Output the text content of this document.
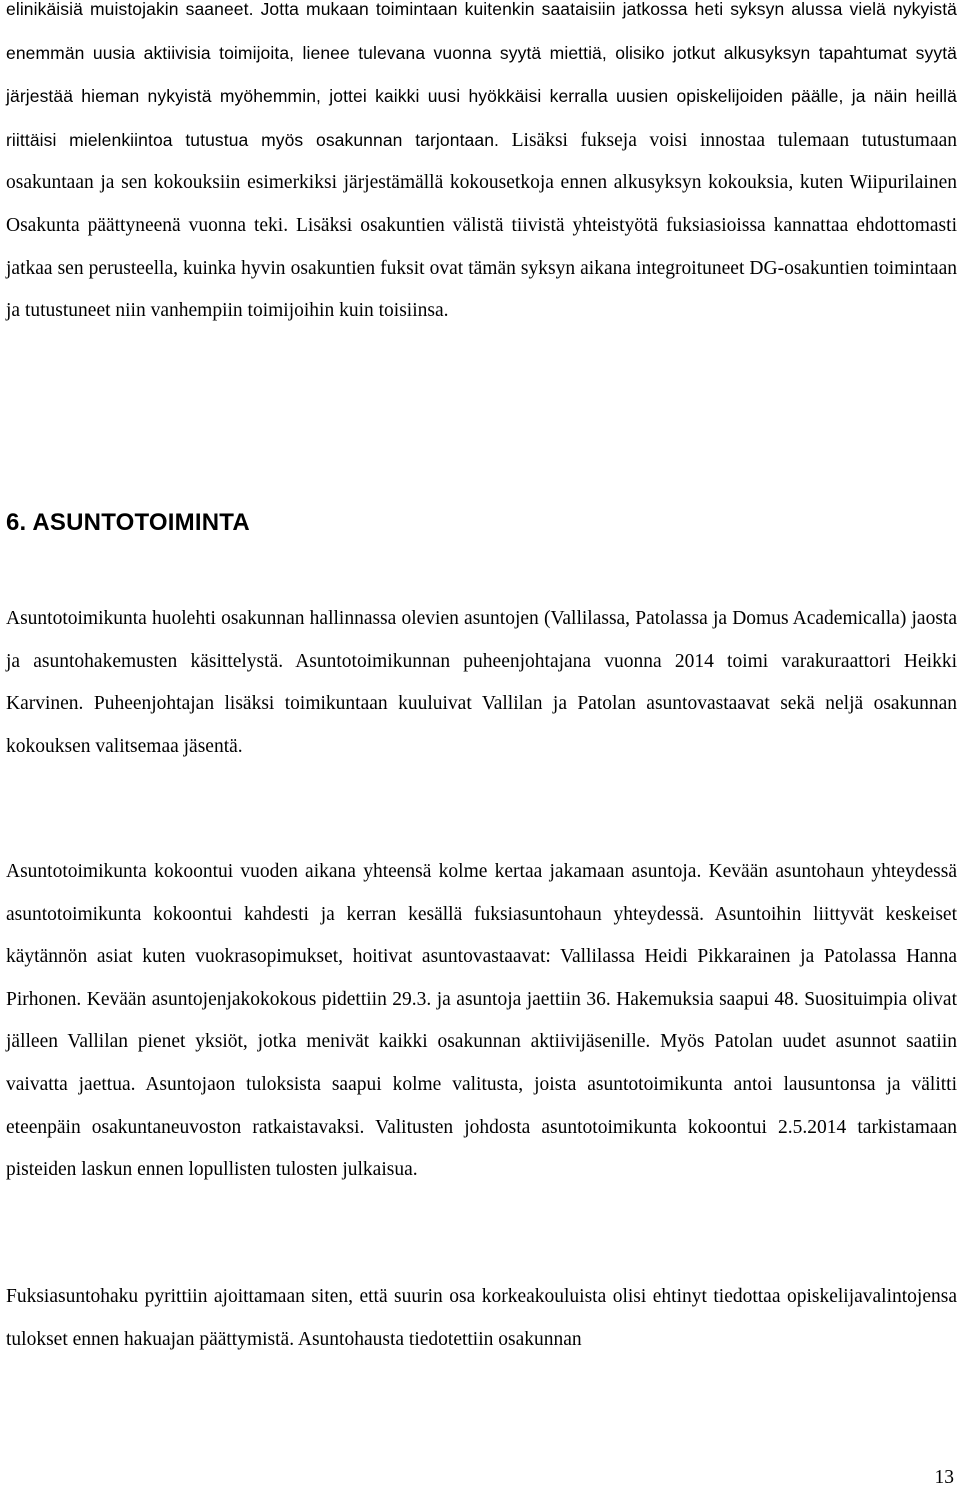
elinikäisiä muistojakin saaneet. Jotta mukaan toimintaan kuitenkin saataisiin jatkossa heti syksyn alussa vielä nykyistä enemmän uusia aktiivisia toimijoita, lienee tulevana vuonna syytä miettiä, olisiko jotkut alkusyksyn tapahtumat syytä järjestää hieman nykyistä myöhemmin, jottei kaikki uusi hyökkäisi kerralla uusien opiskelijoiden päälle, ja näin heillä riittäisi mielenkiintoa tutustua myös osakunnan tarjontaan. Lisäksi fukseja voisi innostaa tulemaan tutustumaan osakuntaan ja sen kokouksiin esimerkiksi järjestämällä kokousetkoja ennen alkusyksyn kokouksia, kuten Wiipurilainen Osakunta päättyneenä vuonna teki. Lisäksi osakuntien välistä tiivistä yhteistyötä fuksiasioissa kannattaa ehdottomasti jatkaa sen perusteella, kuinka hyvin osakuntien fuksit ovat tämän syksyn aikana integroituneet DG-osakuntien toimintaan ja tutustuneet niin vanhempiin toimijoihin kuin toisiinsa.

6. ASUNTOTOIMINTA

Asuntotoimikunta huolehti osakunnan hallinnassa olevien asuntojen (Vallilassa, Patolassa ja Domus Academicalla) jaosta ja asuntohakemusten käsittelystä. Asuntotoimikunnan puheenjohtajana vuonna 2014 toimi varakuraattori Heikki Karvinen. Puheenjohtajan lisäksi toimikuntaan kuuluivat Vallilan ja Patolan asuntovastaavat sekä neljä osakunnan kokouksen valitsemaa jäsentä.

Asuntotoimikunta kokoontui vuoden aikana yhteensä kolme kertaa jakamaan asuntoja. Kevään asuntohaun yhteydessä asuntotoimikunta kokoontui kahdesti ja kerran kesällä fuksiasuntohaun yhteydessä. Asuntoihin liittyvät keskeiset käytännön asiat kuten vuokrasopimukset, hoitivat asuntovastaavat: Vallilassa Heidi Pikkarainen ja Patolassa Hanna Pirhonen. Kevään asuntojenjakokokous pidettiin 29.3. ja asuntoja jaettiin 36. Hakemuksia saapui 48. Suosituimpia olivat jälleen Vallilan pienet yksiöt, jotka menivät kaikki osakunnan aktiivijäsenille. Myös Patolan uudet asunnot saatiin vaivatta jaettua. Asuntojaon tuloksista saapui kolme valitusta, joista asuntotoimikunta antoi lausuntonsa ja välitti eteenpäin osakuntaneuvoston ratkaistavaksi. Valitusten johdosta asuntotoimikunta kokoontui 2.5.2014 tarkistamaan pisteiden laskun ennen lopullisten tulosten julkaisua.

Fuksiasuntohaku pyrittiin ajoittamaan siten, että suurin osa korkeakouluista olisi ehtinyt tiedottaa opiskelijavalintojensa tulokset ennen hakuajan päättymistä. Asuntohausta tiedotettiin osakunnan

13
